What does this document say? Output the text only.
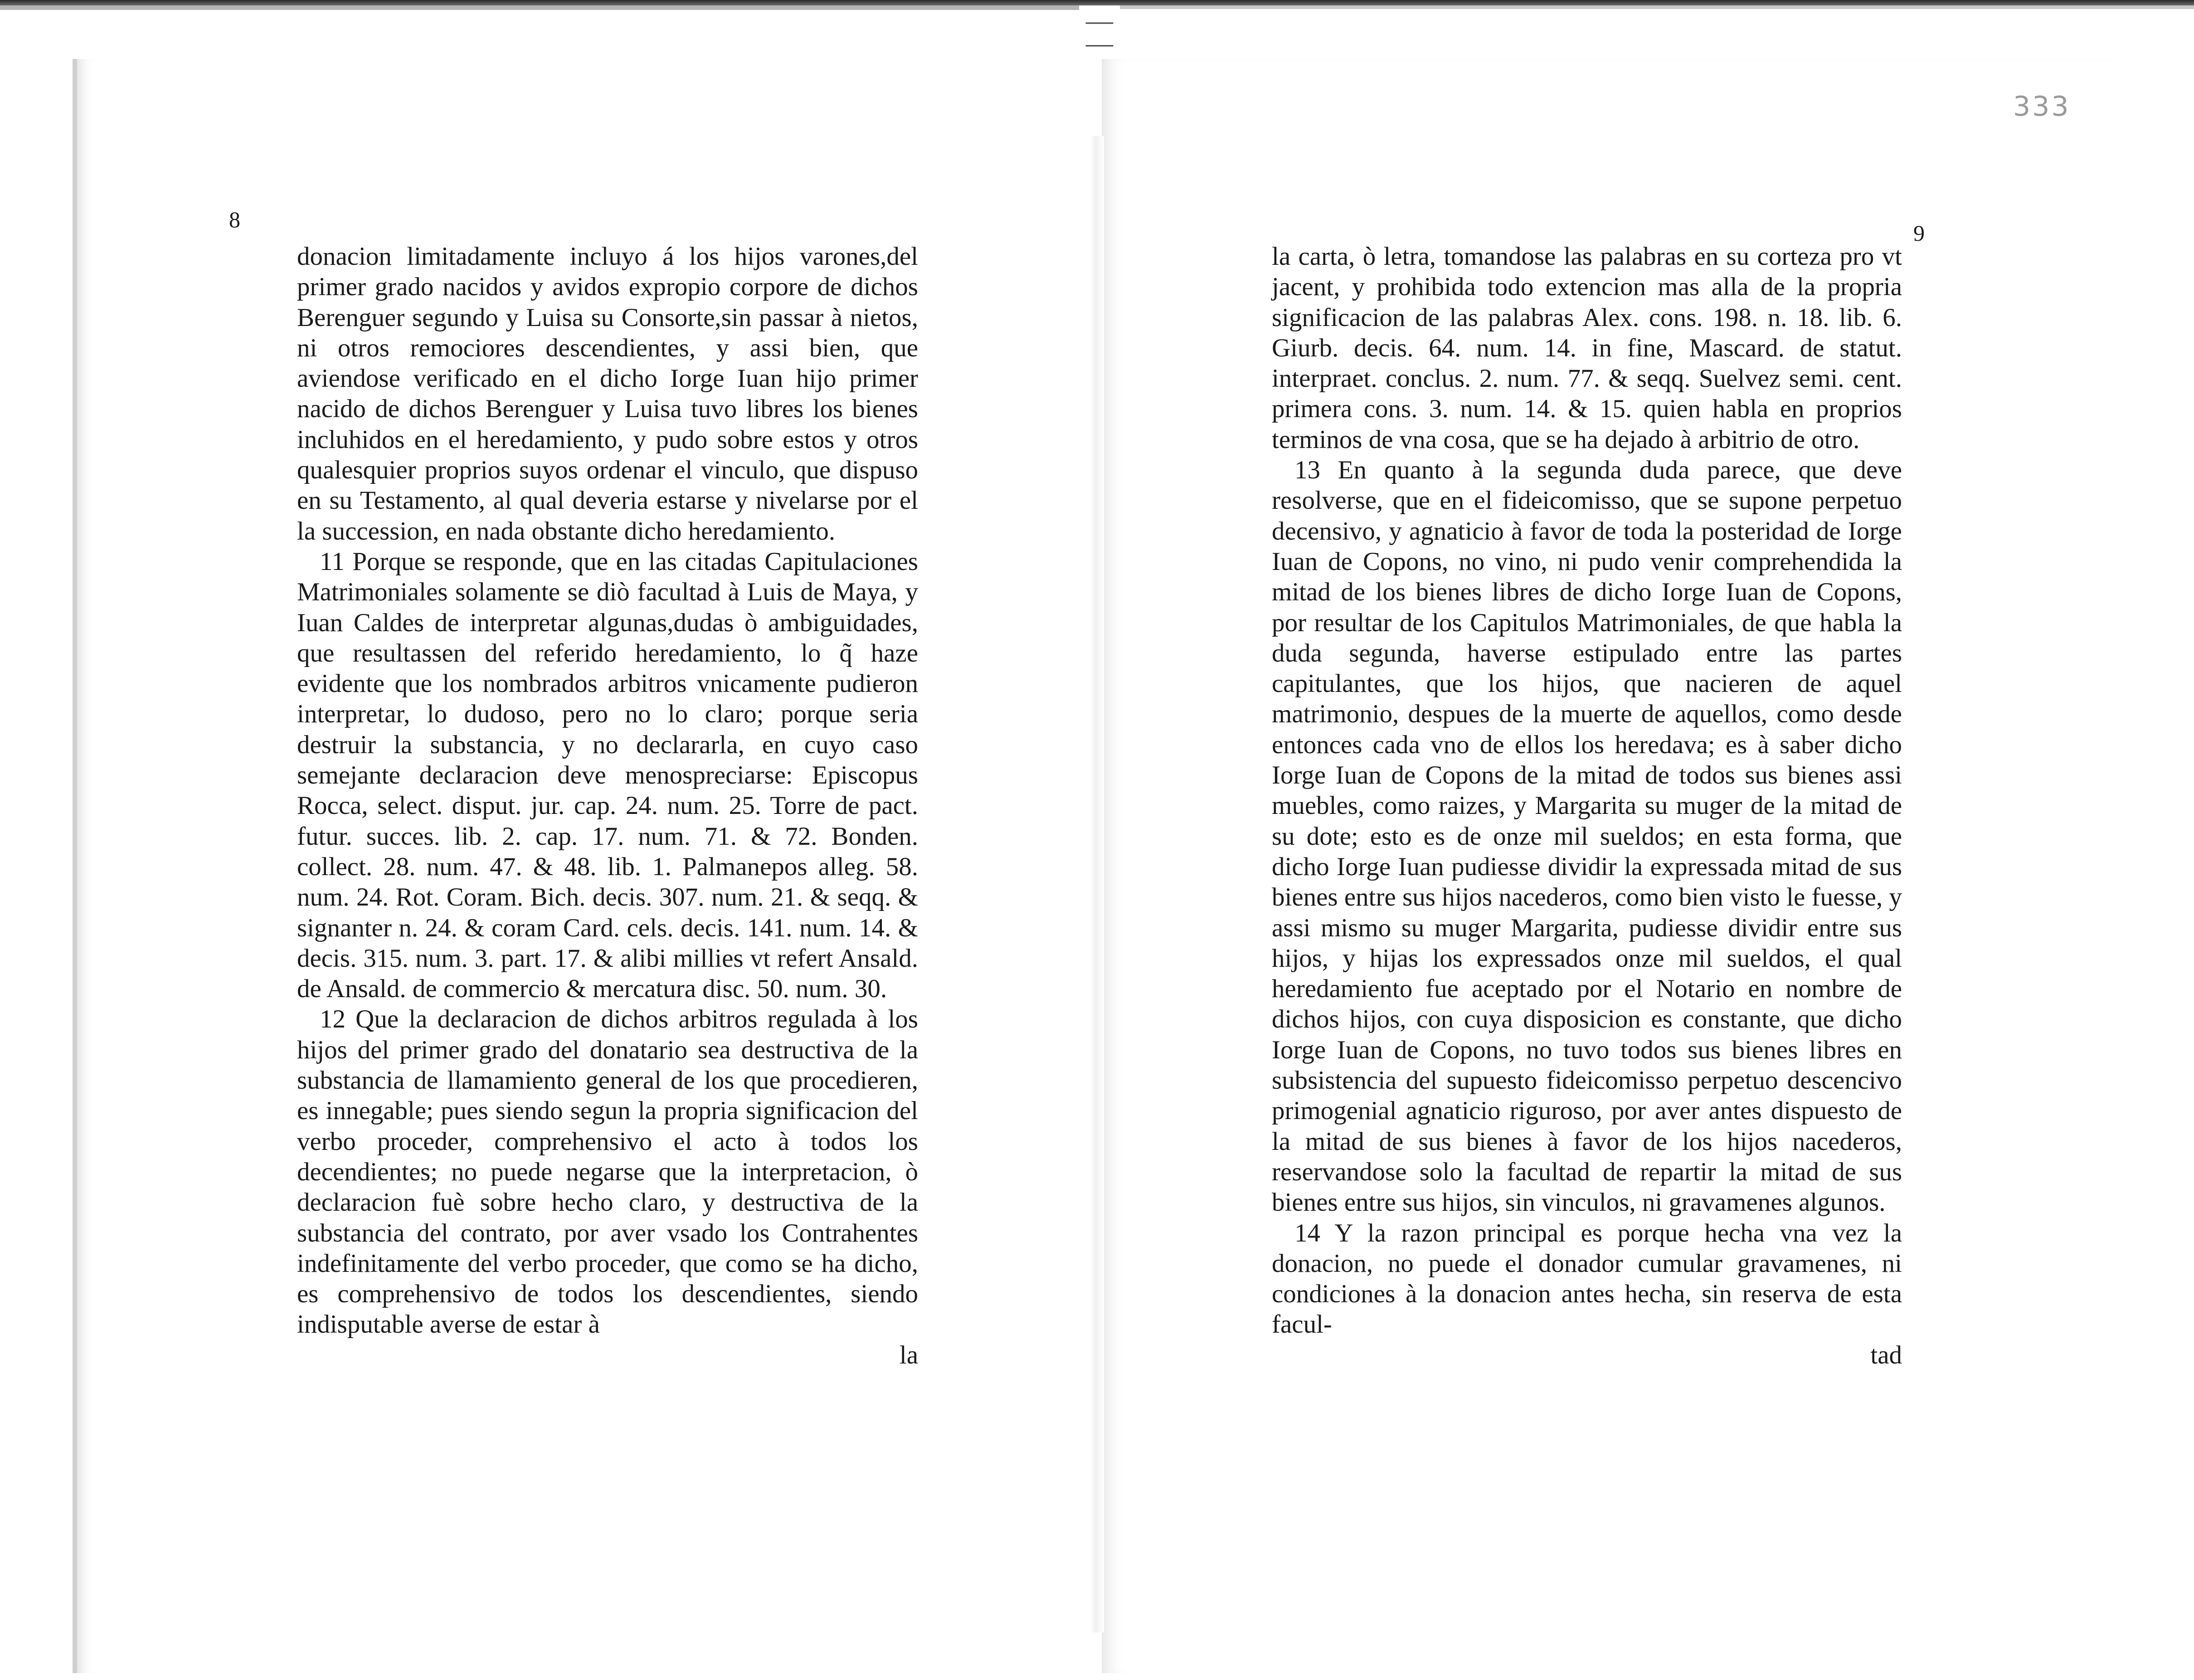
— —
333
8
9

donacion limitadamente incluyo á los hijos varones,del primer grado nacidos y avidos expropio corpore de dichos Berenguer segundo y Luisa su Consorte,sin passar à nietos, ni otros remociores descendientes, y assi bien, que aviendose verificado en el dicho Iorge Iuan hijo primer nacido de dichos Berenguer y Luisa tuvo libres los bienes incluhidos en el heredamiento, y pudo sobre estos y otros qualesquier proprios suyos ordenar el vinculo, que dispuso en su Testamento, al qual deveria estarse y nivelarse por el la succession, en nada obstante dicho heredamiento.

11 Porque se responde, que en las citadas Capitulaciones Matrimoniales solamente se diò facultad à Luis de Maya, y Iuan Caldes de interpretar algunas,dudas ò ambiguidades, que resultassen del referido heredamiento, lo q̃ haze evidente que los nombrados arbitros vnicamente pudieron interpretar, lo dudoso, pero no lo claro; porque seria destruir la substancia, y no declararla, en cuyo caso semejante declaracion deve menospreciarse: Episcopus Rocca, select. disput. jur. cap. 24. num. 25. Torre de pact. futur. succes. lib. 2. cap. 17. num. 71. & 72. Bonden. collect. 28. num. 47. & 48. lib. 1. Palmanepos alleg. 58. num. 24. Rot. Coram. Bich. decis. 307. num. 21. & seqq. & signanter n. 24. & coram Card. cels. decis. 141. num. 14. & decis. 315. num. 3. part. 17. & alibi millies vt refert Ansald. de Ansald. de commercio & mercatura disc. 50. num. 30.

12 Que la declaracion de dichos arbitros regulada à los hijos del primer grado del donatario sea destructiva de la substancia de llamamiento general de los que procedieren, es innegable; pues siendo segun la propria significacion del verbo proceder, comprehensivo el acto à todos los decendientes; no puede negarse que la interpretacion, ò declaracion fuè sobre hecho claro, y destructiva de la substancia del contrato, por aver vsado los Contrahentes indefinitamente del verbo proceder, que como se ha dicho, es comprehensivo de todos los descendientes, siendo indisputable averse de estar à

la

la carta, ò letra, tomandose las palabras en su corteza pro vt jacent, y prohibida todo extencion mas alla de la propria significacion de las palabras Alex. cons. 198. n. 18. lib. 6. Giurb. decis. 64. num. 14. in fine, Mascard. de statut. interpraet. conclus. 2. num. 77. & seqq. Suelvez semi. cent. primera cons. 3. num. 14. & 15. quien habla en proprios terminos de vna cosa, que se ha dejado à arbitrio de otro.

13 En quanto à la segunda duda parece, que deve resolverse, que en el fideicomisso, que se supone perpetuo decensivo, y agnaticio à favor de toda la posteridad de Iorge Iuan de Copons, no vino, ni pudo venir comprehendida la mitad de los bienes libres de dicho Iorge Iuan de Copons, por resultar de los Capitulos Matrimoniales, de que habla la duda segunda, haverse estipulado entre las partes capitulantes, que los hijos, que nacieren de aquel matrimonio, despues de la muerte de aquellos, como desde entonces cada vno de ellos los heredava; es à saber dicho Iorge Iuan de Copons de la mitad de todos sus bienes assi muebles, como raizes, y Margarita su muger de la mitad de su dote; esto es de onze mil sueldos; en esta forma, que dicho Iorge Iuan pudiesse dividir la expressada mitad de sus bienes entre sus hijos nacederos, como bien visto le fuesse, y assi mismo su muger Margarita, pudiesse dividir entre sus hijos, y hijas los expressados onze mil sueldos, el qual heredamiento fue aceptado por el Notario en nombre de dichos hijos, con cuya disposicion es constante, que dicho Iorge Iuan de Copons, no tuvo todos sus bienes libres en subsistencia del supuesto fideicomisso perpetuo descencivo primogenial agnaticio riguroso, por aver antes dispuesto de la mitad de sus bienes à favor de los hijos nacederos, reservandose solo la facultad de repartir la mitad de sus bienes entre sus hijos, sin vinculos, ni gravamenes algunos.

14 Y la razon principal es porque hecha vna vez la donacion, no puede el donador cumular gravamenes, ni condiciones à la donacion antes hecha, sin reserva de esta facul-

tad
